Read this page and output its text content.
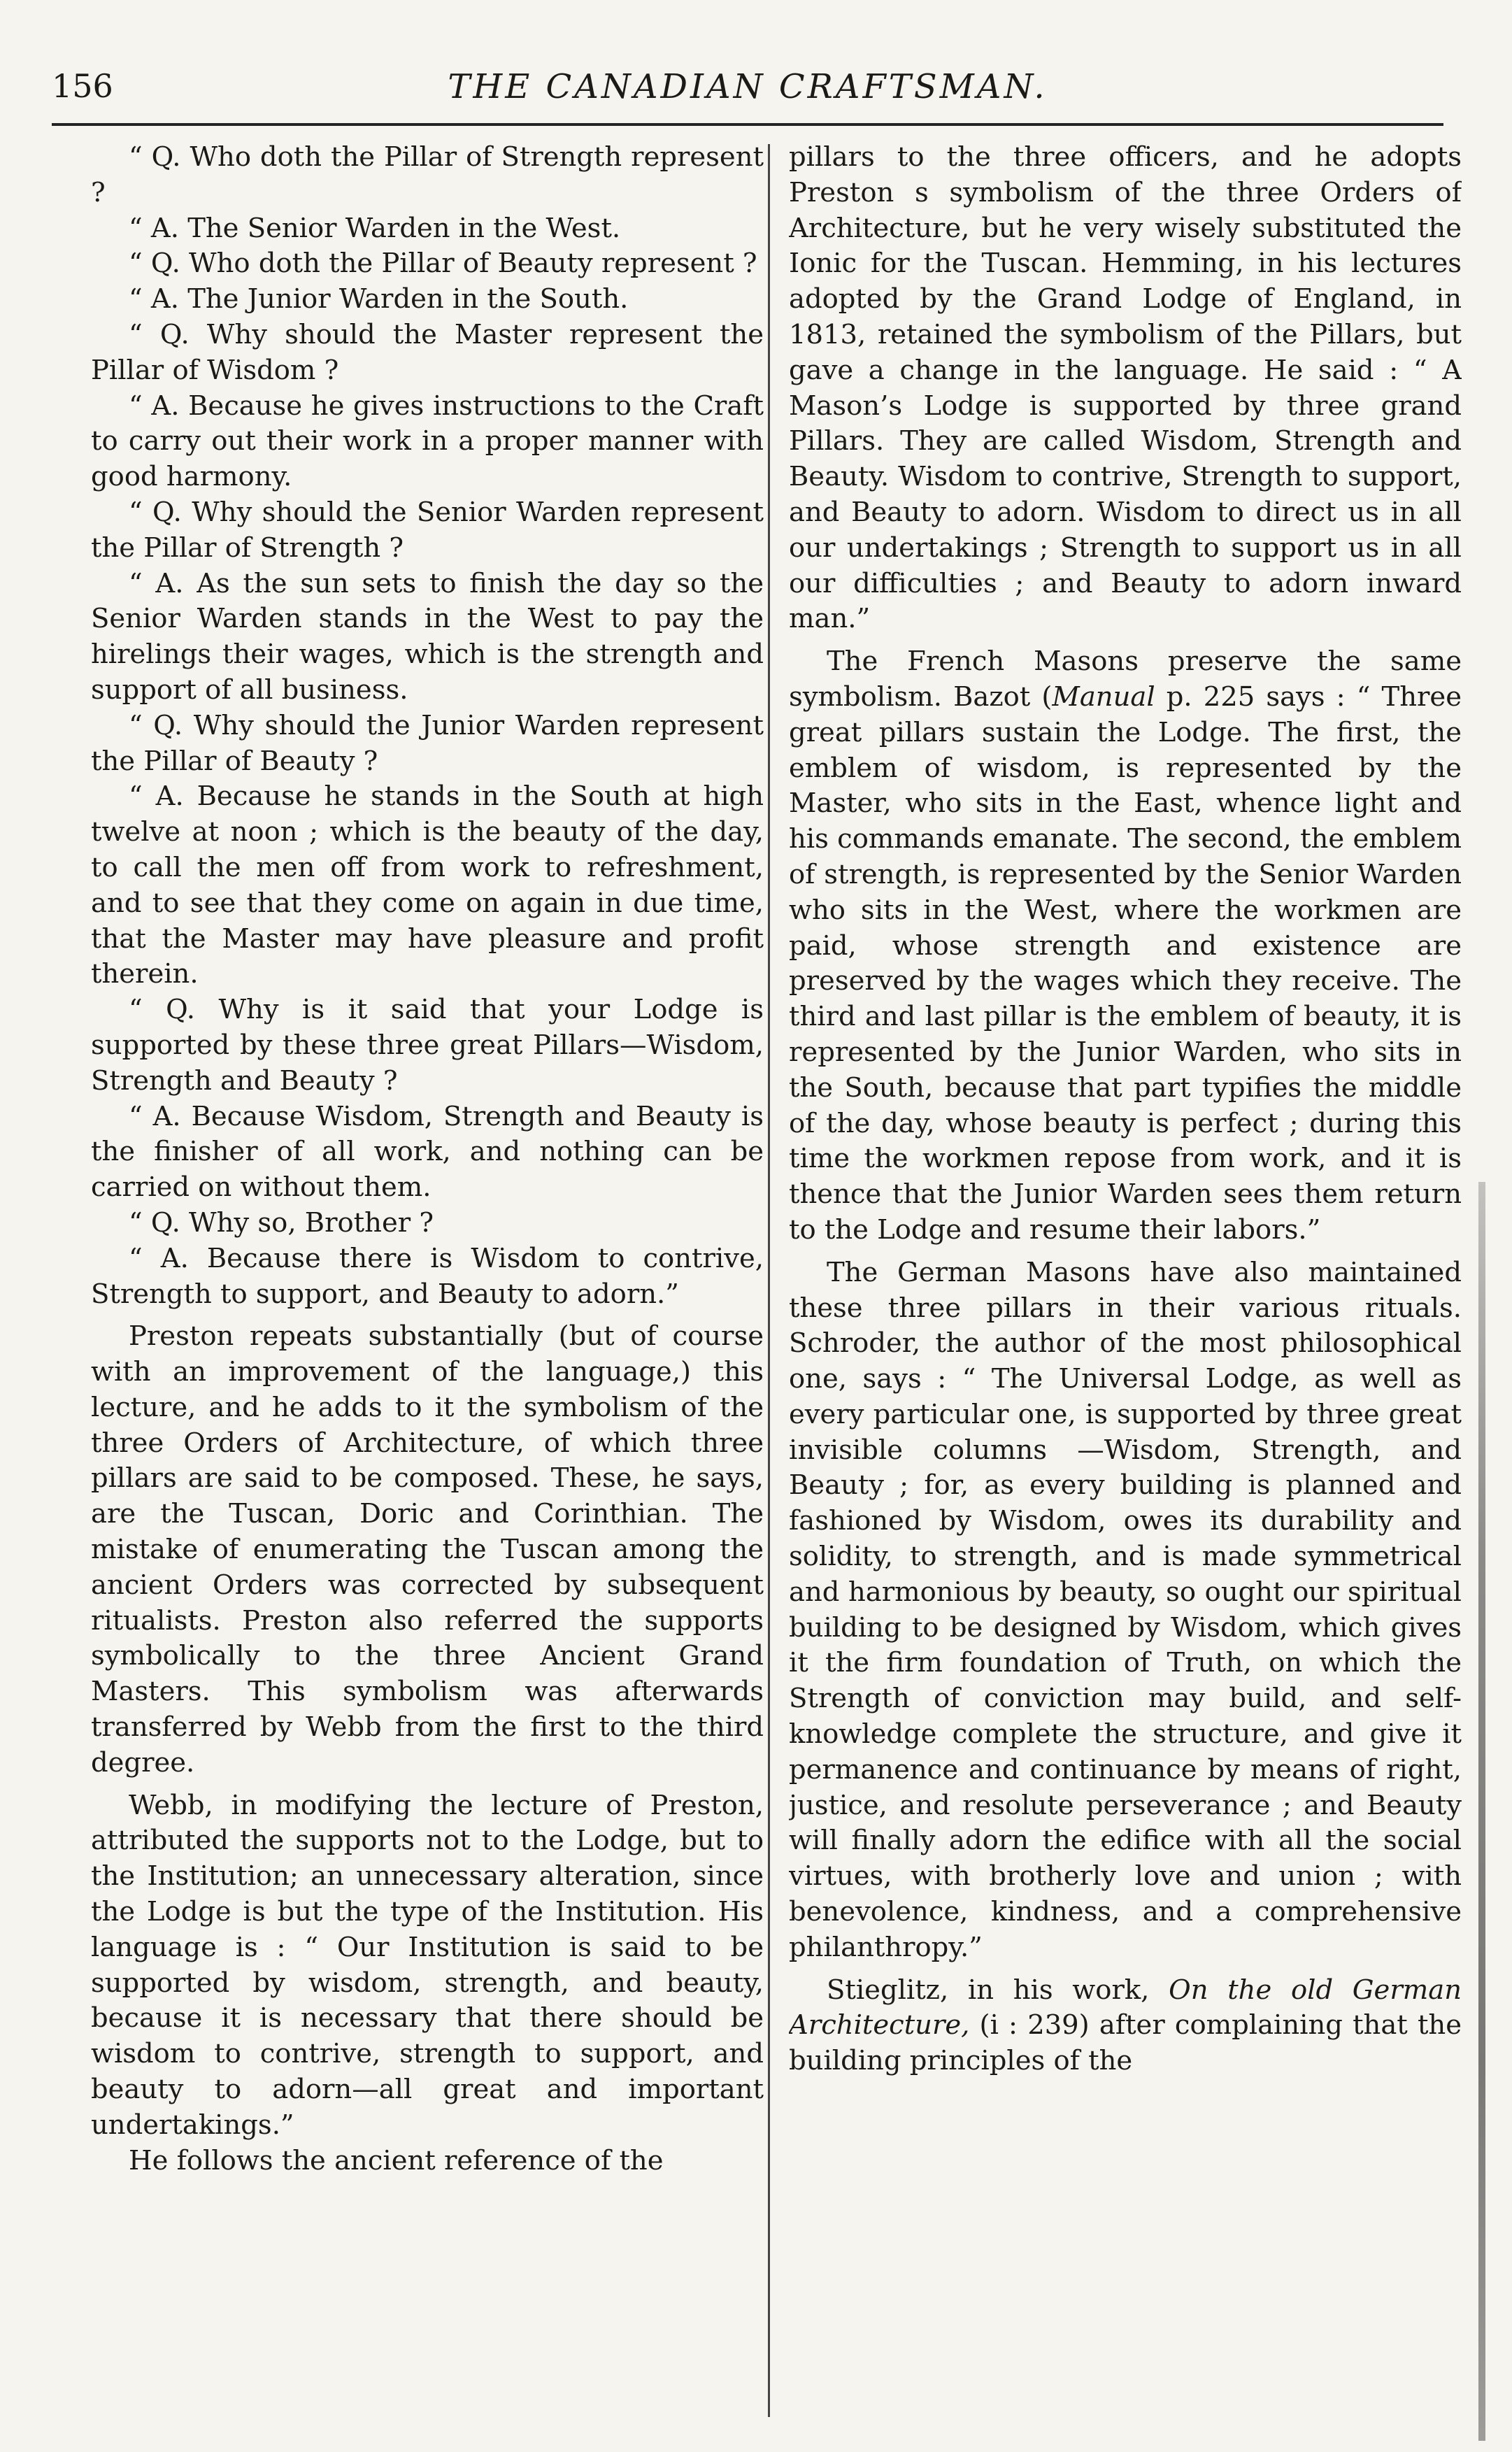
156	THE CANADIAN CRAFTSMAN.

“ Q. Who doth the Pillar of Strength represent ?

“ A. The Senior Warden in the West.

“ Q. Who doth the Pillar of Beauty represent ?

“ A. The Junior Warden in the South.

“ Q. Why should the Master represent the Pillar of Wisdom ?

“ A. Because he gives instructions to the Craft to carry out their work in a proper manner with good harmony.

“ Q. Why should the Senior Warden represent the Pillar of Strength ?

“ A. As the sun sets to finish the day so the Senior Warden stands in the West to pay the hirelings their wages, which is the strength and support of all business.

“ Q. Why should the Junior Warden represent the Pillar of Beauty ?

“ A. Because he stands in the South at high twelve at noon ; which is the beauty of the day, to call the men off from work to refreshment, and to see that they come on again in due time, that the Master may have pleasure and profit therein.

“ Q. Why is it said that your Lodge is supported by these three great Pillars—Wisdom, Strength and Beauty ?

“ A. Because Wisdom, Strength and Beauty is the finisher of all work, and nothing can be carried on without them.

“ Q. Why so, Brother ?

“ A. Because there is Wisdom to contrive, Strength to support, and Beauty to adorn.”

Preston repeats substantially (but of course with an improvement of the language,) this lecture, and he adds to it the symbolism of the three Orders of Architecture, of which three pillars are said to be composed. These, he says, are the Tuscan, Doric and Corinthian. The mistake of enumerating the Tuscan among the ancient Orders was corrected by subsequent ritualists. Preston also referred the supports symbolically to the three Ancient Grand Masters. This symbolism was afterwards transferred by Webb from the first to the third degree.

Webb, in modifying the lecture of Preston, attributed the supports not to the Lodge, but to the Institution; an unnecessary alteration, since the Lodge is but the type of the Institution. His language is : “ Our Institution is said to be supported by wisdom, strength, and beauty, because it is necessary that there should be wisdom to contrive, strength to support, and beauty to adorn—all great and important undertakings.”

He follows the ancient reference of the

pillars to the three officers, and he adopts Preston s symbolism of the three Orders of Architecture, but he very wisely substituted the Ionic for the Tuscan. Hemming, in his lectures adopted by the Grand Lodge of England, in 1813, retained the symbolism of the Pillars, but gave a change in the language. He said : “ A Mason’s Lodge is supported by three grand Pillars. They are called Wisdom, Strength and Beauty. Wisdom to contrive, Strength to support, and Beauty to adorn. Wisdom to direct us in all our undertakings ; Strength to support us in all our difficulties ; and Beauty to adorn inward man.”

The French Masons preserve the same symbolism. Bazot (Manual p. 225 says : “ Three great pillars sustain the Lodge. The first, the emblem of wisdom, is represented by the Master, who sits in the East, whence light and his commands emanate. The second, the emblem of strength, is represented by the Senior Warden who sits in the West, where the workmen are paid, whose strength and existence are preserved by the wages which they receive. The third and last pillar is the emblem of beauty, it is represented by the Junior Warden, who sits in the South, because that part typifies the middle of the day, whose beauty is perfect ; during this time the workmen repose from work, and it is thence that the Junior Warden sees them return to the Lodge and resume their labors.”

The German Masons have also maintained these three pillars in their various rituals. Schroder, the author of the most philosophical one, says : “ The Universal Lodge, as well as every particular one, is supported by three great invisible columns —Wisdom, Strength, and Beauty ; for, as every building is planned and fashioned by Wisdom, owes its durability and solidity, to strength, and is made symmetrical and harmonious by beauty, so ought our spiritual building to be designed by Wisdom, which gives it the firm foundation of Truth, on which the Strength of conviction may build, and self-knowledge complete the structure, and give it permanence and continuance by means of right, justice, and resolute perseverance ; and Beauty will finally adorn the edifice with all the social virtues, with brotherly love and union ; with benevolence, kindness, and a comprehensive philanthropy.”

Stieglitz, in his work, On the old German Architecture, (i : 239) after complaining that the building principles of the
